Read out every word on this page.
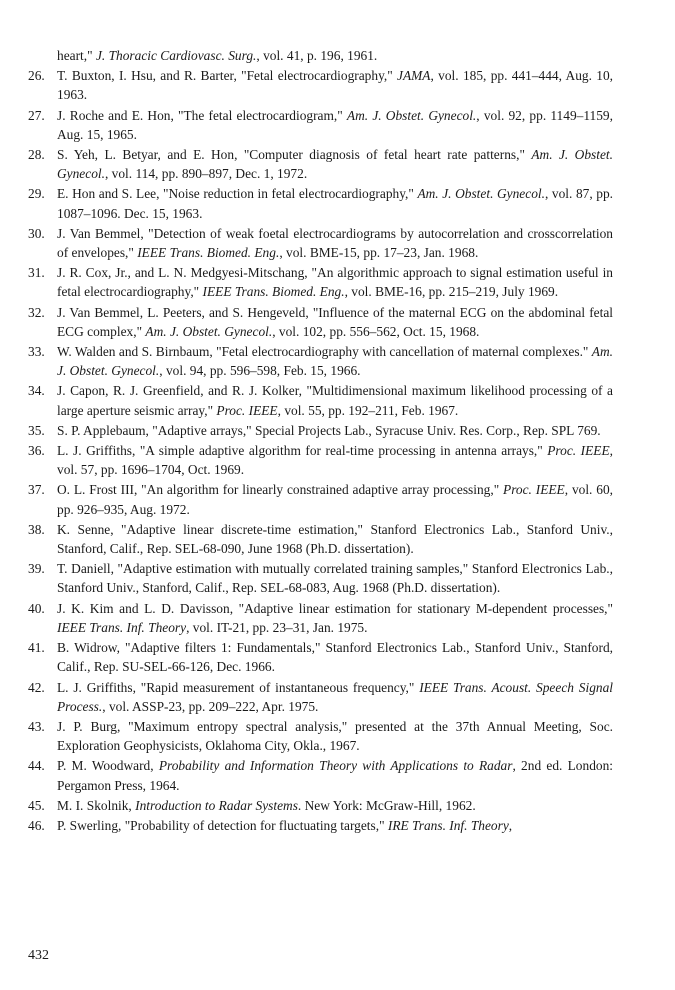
heart," J. Thoracic Cardiovasc. Surg., vol. 41, p. 196, 1961.
26. T. Buxton, I. Hsu, and R. Barter, "Fetal electrocardiography," JAMA, vol. 185, pp. 441–444, Aug. 10, 1963.
27. J. Roche and E. Hon, "The fetal electrocardiogram," Am. J. Obstet. Gynecol., vol. 92, pp. 1149–1159, Aug. 15, 1965.
28. S. Yeh, L. Betyar, and E. Hon, "Computer diagnosis of fetal heart rate patterns," Am. J. Obstet. Gynecol., vol. 114, pp. 890–897, Dec. 1, 1972.
29. E. Hon and S. Lee, "Noise reduction in fetal electrocardiography," Am. J. Obstet. Gynecol., vol. 87, pp. 1087–1096. Dec. 15, 1963.
30. J. Van Bemmel, "Detection of weak foetal electrocardiograms by autocorrelation and crosscorrelation of envelopes," IEEE Trans. Biomed. Eng., vol. BME-15, pp. 17–23, Jan. 1968.
31. J. R. Cox, Jr., and L. N. Medgyesi-Mitschang, "An algorithmic approach to signal estimation useful in fetal electrocardiography," IEEE Trans. Biomed. Eng., vol. BME-16, pp. 215–219, July 1969.
32. J. Van Bemmel, L. Peeters, and S. Hengeveld, "Influence of the maternal ECG on the abdominal fetal ECG complex," Am. J. Obstet. Gynecol., vol. 102, pp. 556–562, Oct. 15, 1968.
33. W. Walden and S. Birnbaum, "Fetal electrocardiography with cancellation of maternal complexes." Am. J. Obstet. Gynecol., vol. 94, pp. 596–598, Feb. 15, 1966.
34. J. Capon, R. J. Greenfield, and R. J. Kolker, "Multidimensional maximum likelihood processing of a large aperture seismic array," Proc. IEEE, vol. 55, pp. 192–211, Feb. 1967.
35. S. P. Applebaum, "Adaptive arrays," Special Projects Lab., Syracuse Univ. Res. Corp., Rep. SPL 769.
36. L. J. Griffiths, "A simple adaptive algorithm for real-time processing in antenna arrays," Proc. IEEE, vol. 57, pp. 1696–1704, Oct. 1969.
37. O. L. Frost III, "An algorithm for linearly constrained adaptive array processing," Proc. IEEE, vol. 60, pp. 926–935, Aug. 1972.
38. K. Senne, "Adaptive linear discrete-time estimation," Stanford Electronics Lab., Stanford Univ., Stanford, Calif., Rep. SEL-68-090, June 1968 (Ph.D. dissertation).
39. T. Daniell, "Adaptive estimation with mutually correlated training samples," Stanford Electronics Lab., Stanford Univ., Stanford, Calif., Rep. SEL-68-083, Aug. 1968 (Ph.D. dissertation).
40. J. K. Kim and L. D. Davisson, "Adaptive linear estimation for stationary M-dependent processes," IEEE Trans. Inf. Theory, vol. IT-21, pp. 23–31, Jan. 1975.
41. B. Widrow, "Adaptive filters 1: Fundamentals," Stanford Electronics Lab., Stanford Univ., Stanford, Calif., Rep. SU-SEL-66-126, Dec. 1966.
42. L. J. Griffiths, "Rapid measurement of instantaneous frequency," IEEE Trans. Acoust. Speech Signal Process., vol. ASSP-23, pp. 209–222, Apr. 1975.
43. J. P. Burg, "Maximum entropy spectral analysis," presented at the 37th Annual Meeting, Soc. Exploration Geophysicists, Oklahoma City, Okla., 1967.
44. P. M. Woodward, Probability and Information Theory with Applications to Radar, 2nd ed. London: Pergamon Press, 1964.
45. M. I. Skolnik, Introduction to Radar Systems. New York: McGraw-Hill, 1962.
46. P. Swerling, "Probability of detection for fluctuating targets," IRE Trans. Inf. Theory,
432
